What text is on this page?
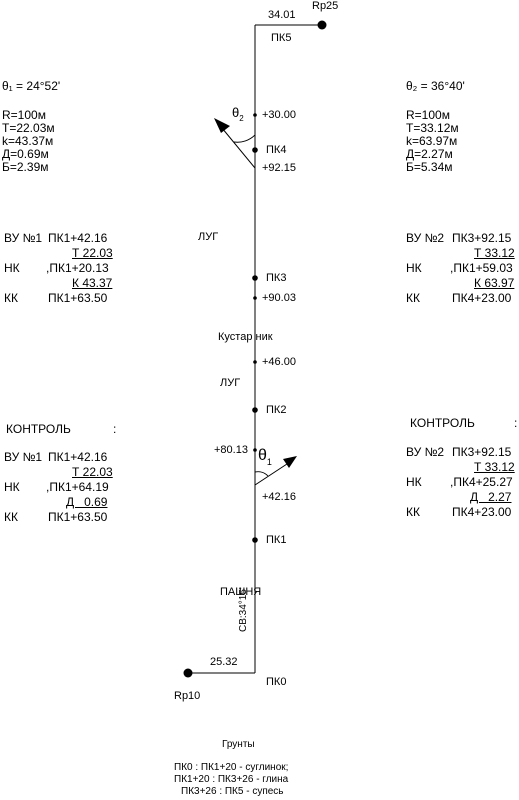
34.01
Rp25
ПК5
θ₁ = 24°52'
R=100м
T=22.03м
k=43.37м
Д=0.69м
Б=2.39м
θ₂ = 36°40'
R=100м
T=33.12м
k=63.97м
Д=2.27м
Б=5.34м
ВУ №1 ПК1+42.16
Т 22.03
НК ,ПК1+20.13
К 43.37
КК	ПК1+63.50
ВУ №2 ПК3+92.15
Т 33.12
НК ,ПК1+59.03
К 63.97
КК	ПК4+23.00
+30.00
ПК4
+92.15
ЛУГ
ПК3
+90.03
Кустар ник
+46.00
ЛУГ
ПК2
+80.13
+42.16
ПК1
ПАШНЯ
$\theta_2$
$\theta_1$
СВ:34°15'
25.32
ПК0
Rp10
КОНТРОЛЬ	:
ВУ №1 ПК1+42.16
Т 22.03
НК ,ПК1+64.19
Д   0.69
КК	ПК1+63.50
КОНТРОЛЬ	:
ВУ №2 ПК3+92.15
Т 33.12
НК ,ПК4+25.27
Д   2.27
КК	ПК4+23.00
Грунты
ПК0 : ПК1+20 - суглинок;
ПК1+20 : ПК3+26 - глина
ПК3+26 : ПК5 - супесь
